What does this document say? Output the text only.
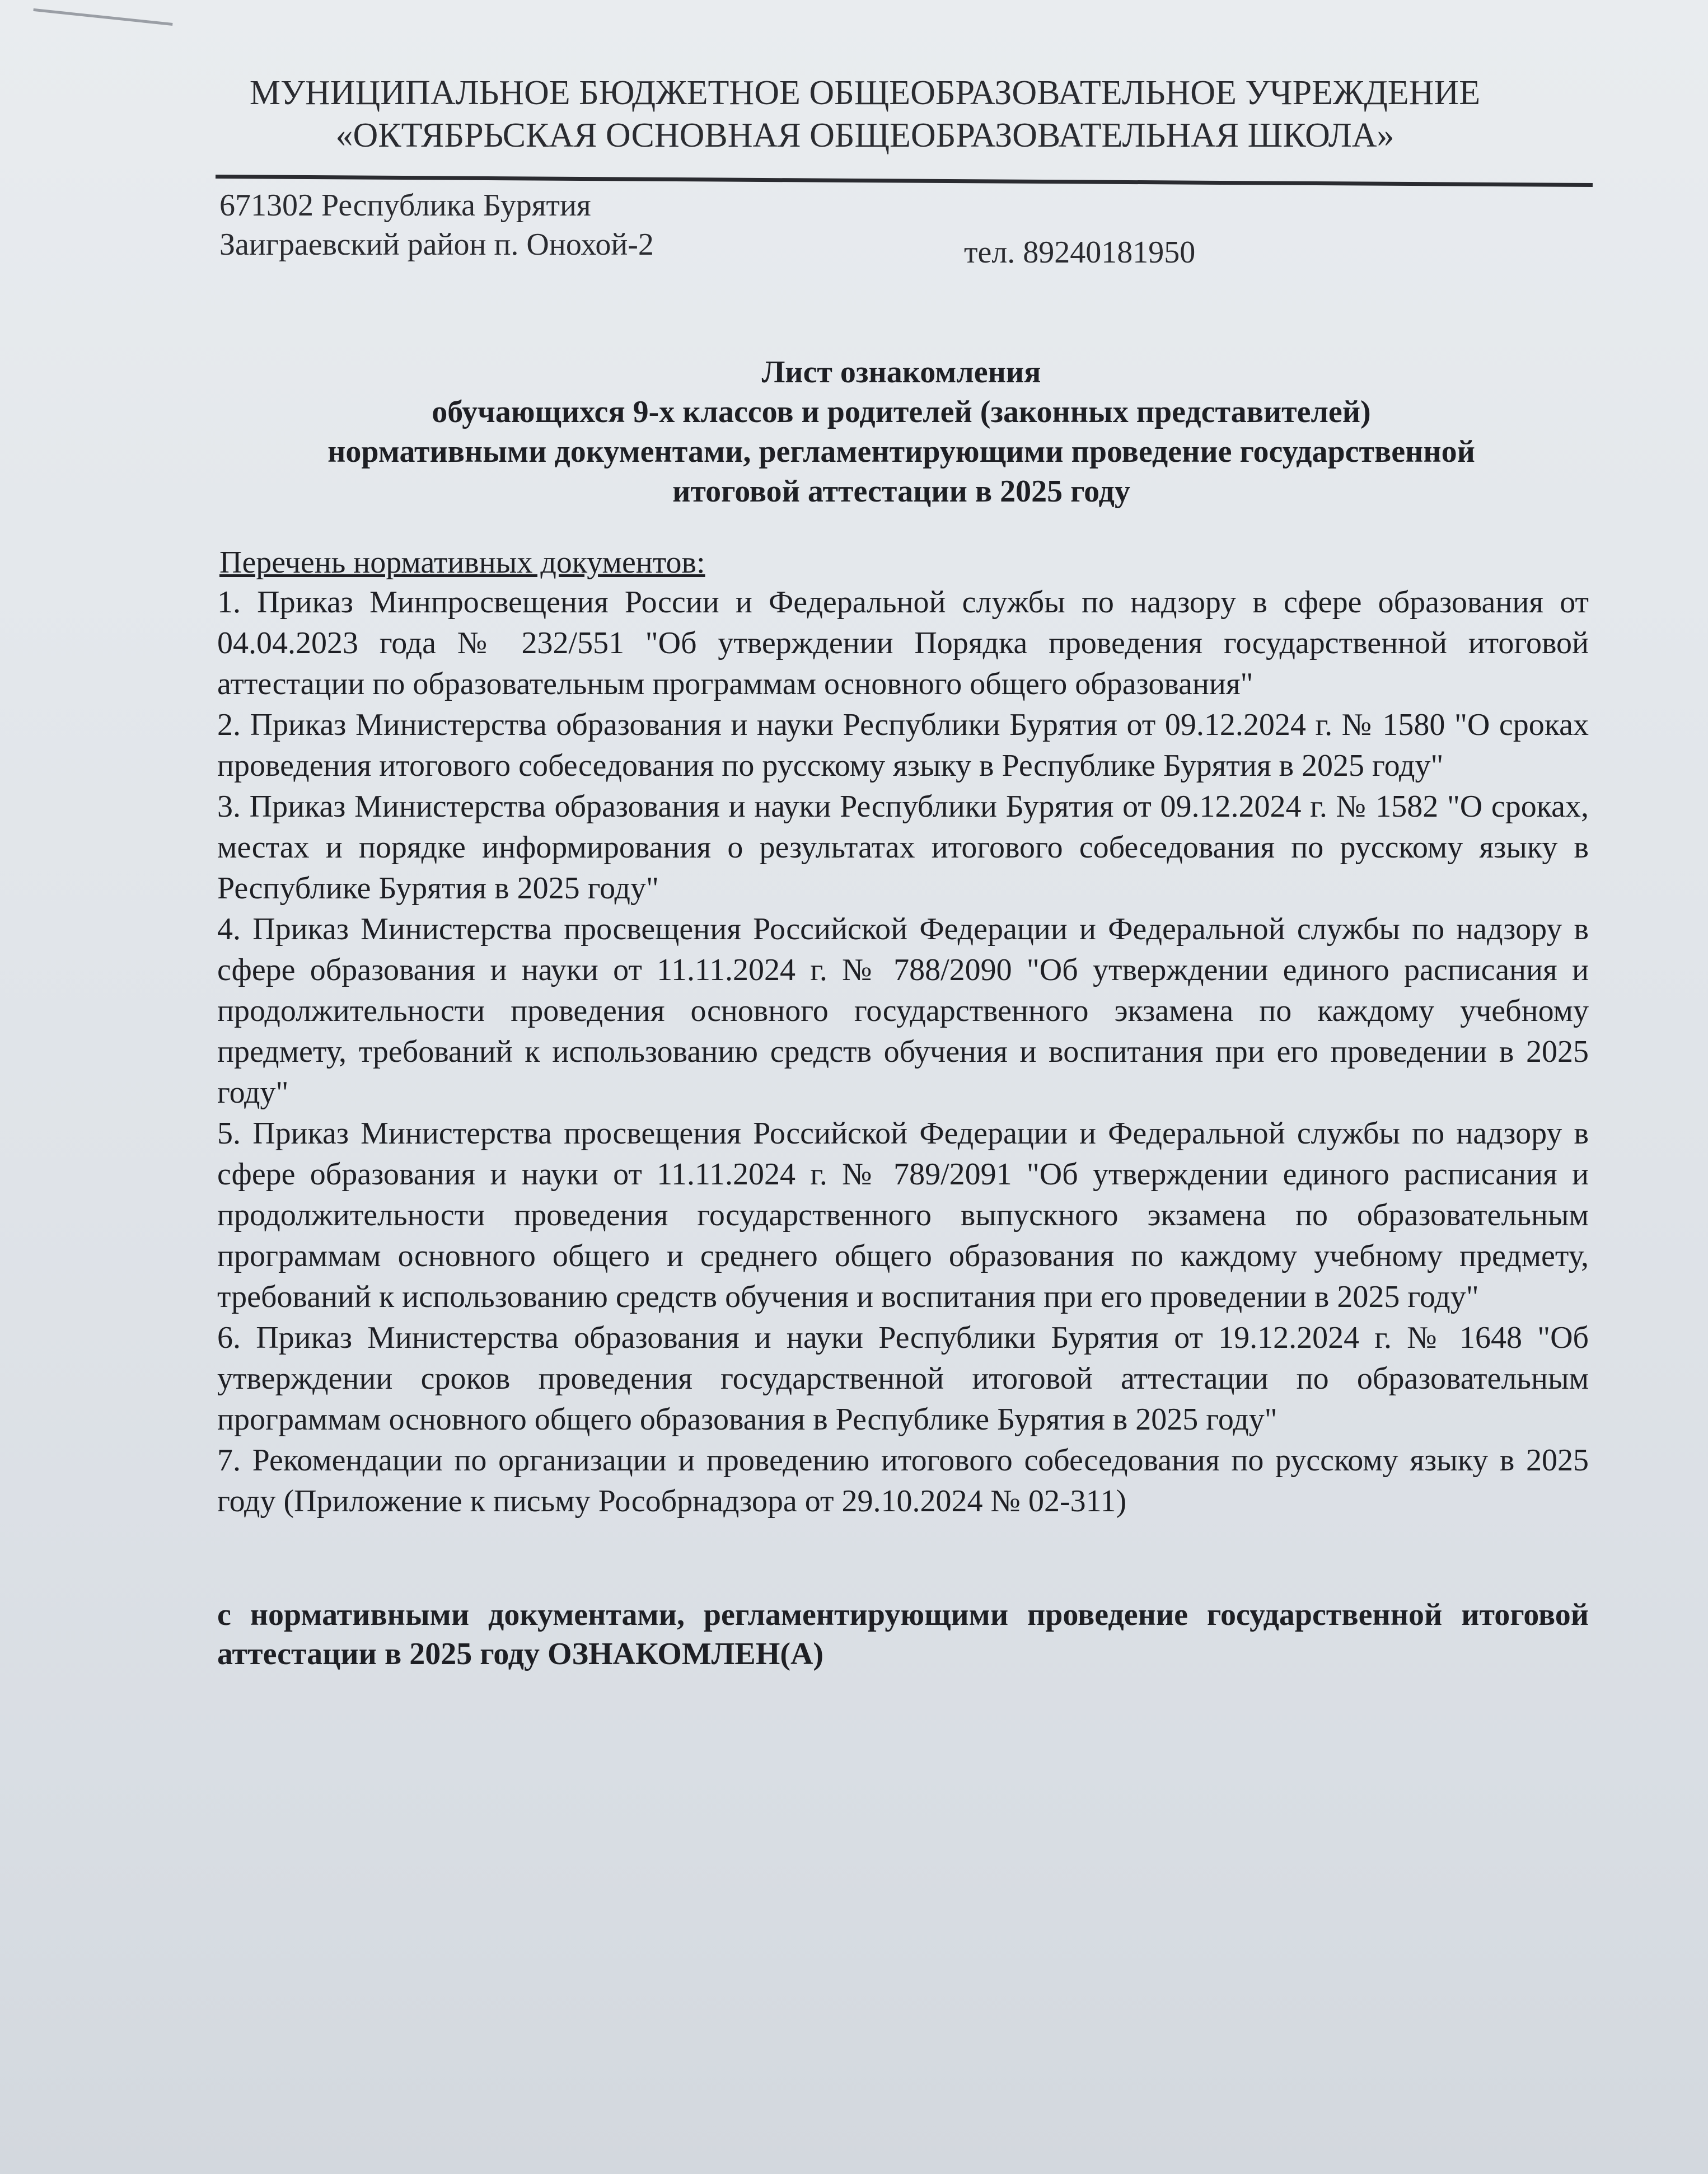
МУНИЦИПАЛЬНОЕ БЮДЖЕТНОЕ ОБЩЕОБРАЗОВАТЕЛЬНОЕ УЧРЕЖДЕНИЕ
«ОКТЯБРЬСКАЯ ОСНОВНАЯ ОБЩЕОБРАЗОВАТЕЛЬНАЯ ШКОЛА»
671302 Республика Бурятия
Заиграевский район п. Онохой-2	тел. 89240181950
Лист ознакомления
обучающихся 9-х классов и родителей (законных представителей)
нормативными документами, регламентирующими проведение государственной
итоговой аттестации в 2025 году
Перечень нормативных документов:

1. Приказ Минпросвещения России и Федеральной службы по надзору в сфере образования от 04.04.2023 года № 232/551 "Об утверждении Порядка проведения государственной итоговой аттестации по образовательным программам основного общего образования"

2. Приказ Министерства образования и науки Республики Бурятия от 09.12.2024 г. № 1580 "О сроках проведения итогового собеседования по русскому языку в Республике Бурятия в 2025 году"

3. Приказ Министерства образования и науки Республики Бурятия от 09.12.2024 г. № 1582 "О сроках, местах и порядке информирования о результатах итогового собеседования по русскому языку в Республике Бурятия в 2025 году"

4. Приказ Министерства просвещения Российской Федерации и Федеральной службы по надзору в сфере образования и науки от 11.11.2024 г. № 788/2090 "Об утверждении единого расписания и продолжительности проведения основного государственного экзамена по каждому учебному предмету, требований к использованию средств обучения и воспитания при его проведении в 2025 году"

5. Приказ Министерства просвещения Российской Федерации и Федеральной службы по надзору в сфере образования и науки от 11.11.2024 г. № 789/2091 "Об утверждении единого расписания и продолжительности проведения государственного выпускного экзамена по образовательным программам основного общего и среднего общего образования по каждому учебному предмету, требований к использованию средств обучения и воспитания при его проведении в 2025 году"

6. Приказ Министерства образования и науки Республики Бурятия от 19.12.2024 г. № 1648 "Об утверждении сроков проведения государственной итоговой аттестации по образовательным программам основного общего образования в Республике Бурятия в 2025 году"

7. Рекомендации по организации и проведению итогового собеседования по русскому языку в 2025 году (Приложение к письму Рособрнадзора от 29.10.2024 № 02-311)

с нормативными документами, регламентирующими проведение государственной итоговой аттестации в 2025 году ОЗНАКОМЛЕН(А)
